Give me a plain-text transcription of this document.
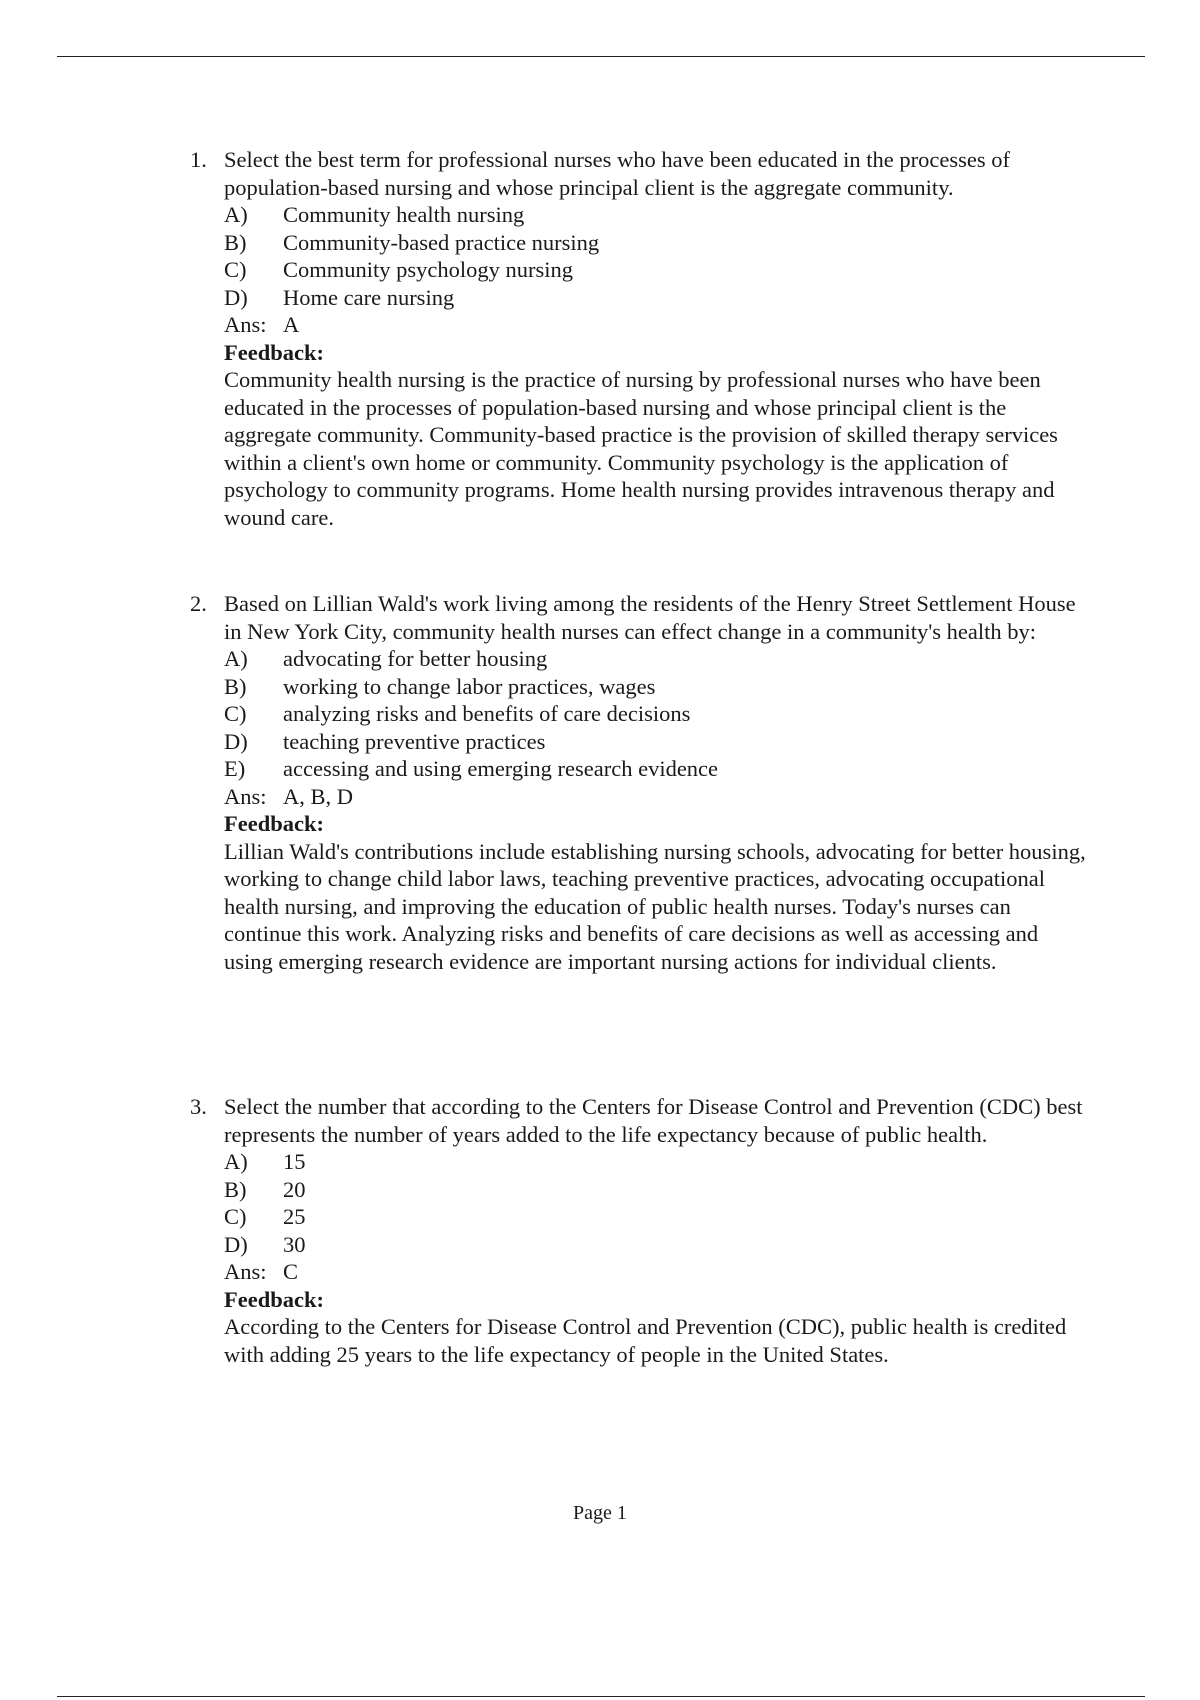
1. Select the best term for professional nurses who have been educated in the processes of population-based nursing and whose principal client is the aggregate community.

A)	Community health nursing
B)	Community-based practice nursing
C)	Community psychology nursing
D)	Home care nursing
Ans: A

Feedback:

Community health nursing is the practice of nursing by professional nurses who have been educated in the processes of population-based nursing and whose principal client is the aggregate community. Community-based practice is the provision of skilled therapy services within a client's own home or community. Community psychology is the application of psychology to community programs. Home health nursing provides intravenous therapy and wound care.

2. Based on Lillian Wald's work living among the residents of the Henry Street Settlement House in New York City, community health nurses can effect change in a community's health by:

A)	advocating for better housing
B)	working to change labor practices, wages
C)	analyzing risks and benefits of care decisions
D)	teaching preventive practices
E)	accessing and using emerging research evidence
Ans: A, B, D

Feedback:

Lillian Wald's contributions include establishing nursing schools, advocating for better housing, working to change child labor laws, teaching preventive practices, advocating occupational health nursing, and improving the education of public health nurses. Today's nurses can continue this work. Analyzing risks and benefits of care decisions as well as accessing and using emerging research evidence are important nursing actions for individual clients.

3. Select the number that according to the Centers for Disease Control and Prevention (CDC) best represents the number of years added to the life expectancy because of public health.

A)	15
B)	20
C)	25
D)	30
Ans: C

Feedback:

According to the Centers for Disease Control and Prevention (CDC), public health is credited with adding 25 years to the life expectancy of people in the United States.

Page 1
